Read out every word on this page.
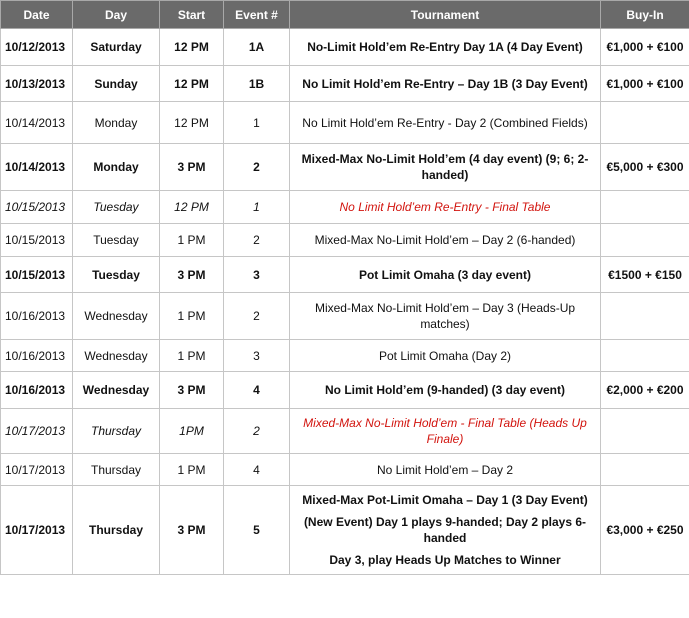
Date	Day	Start	Event #	Tournament	Buy-In
10/12/2013	Saturday	12 PM	1A	No-Limit Hold’em Re-Entry Day 1A (4 Day Event)	€1,000 + €100
10/13/2013	Sunday	12 PM	1B	No Limit Hold’em Re-Entry – Day 1B (3 Day Event)	€1,000 + €100
10/14/2013	Monday	12 PM	1	No Limit Hold’em Re-Entry - Day 2 (Combined Fields)	

10/14/2013	Monday	3 PM	2	Mixed-Max No-Limit Hold’em (4 day event) (9; 6; 2-handed)	€5,000 + €300
10/15/2013	Tuesday	12 PM	1	No Limit Hold’em Re-Entry - Final Table	

10/15/2013	Tuesday	1 PM	2	Mixed-Max No-Limit Hold’em – Day 2 (6-handed)	

10/15/2013	Tuesday	3 PM	3	Pot Limit Omaha (3 day event)	€1500 + €150
10/16/2013	Wednesday	1 PM	2	Mixed-Max No-Limit Hold’em – Day 3 (Heads-Up matches)	

10/16/2013	Wednesday	1 PM	3	Pot Limit Omaha (Day 2)	

10/16/2013	Wednesday	3 PM	4	No Limit Hold’em (9-handed) (3 day event)	€2,000 + €200
10/17/2013	Thursday	1PM	2	Mixed-Max No-Limit Hold’em - Final Table (Heads Up Finale)	

10/17/2013	Thursday	1 PM	4	No Limit Hold’em – Day 2	

10/17/2013	Thursday	3 PM	5	Mixed-Max Pot-Limit Omaha – Day 1 (3 Day Event)

(New Event) Day 1 plays 9-handed; Day 2 plays 6-handed

Day 3, play Heads Up Matches to Winner	€3,000 + €250
